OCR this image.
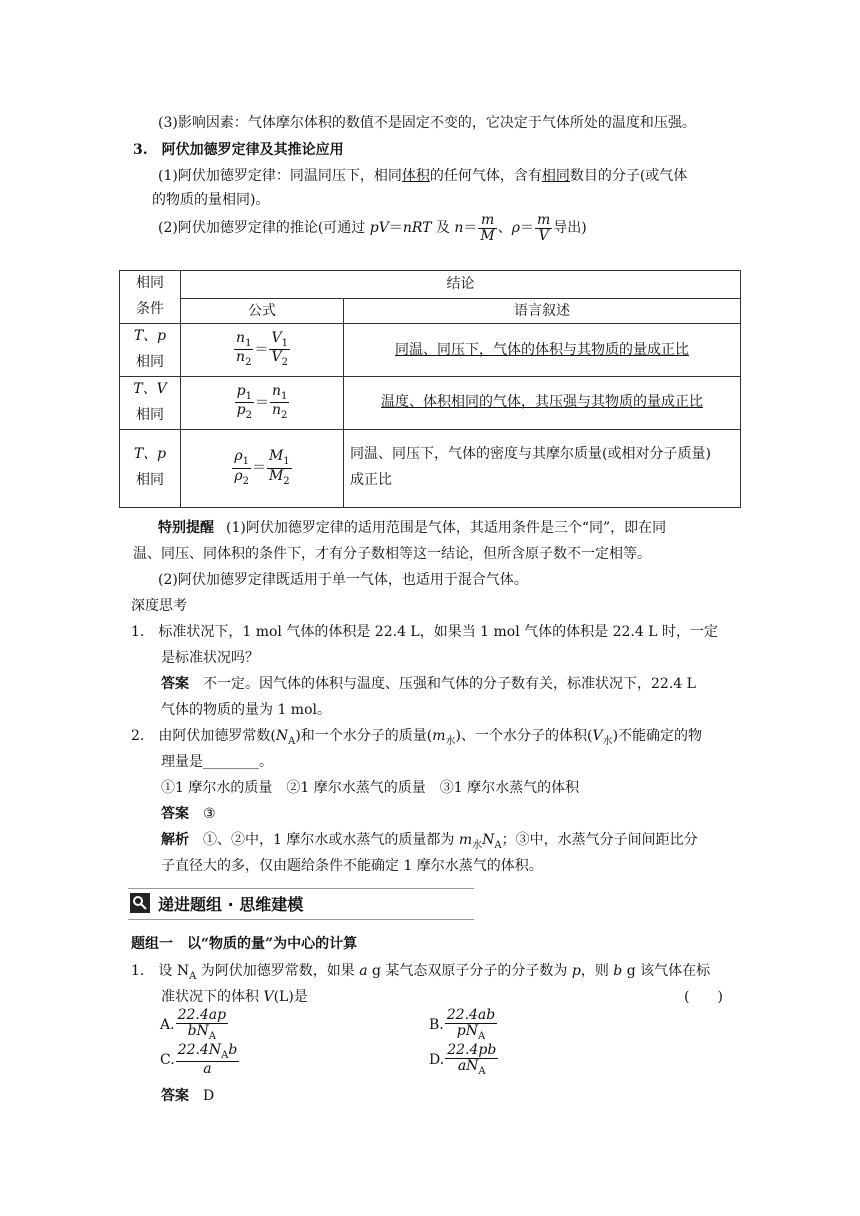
(3)影响因素：气体摩尔体积的数值不是固定不变的，它决定于气体所处的温度和压强。
3. 阿伏加德罗定律及其推论应用
(1)阿伏加德罗定律：同温同压下，相同体积的任何气体，含有相同数目的分子(或气体
的物质的量相同)。
(2)阿伏加德罗定律的推论(可通过 pV＝nRT 及 $n= \frac{m}{M}$ 、$\rho= \frac{m}{V}$ 导出)
相同
条件	结论	
	公式	语言叙述
T、p
相同	$\frac{n_1}{n_2} = \frac{V_1}{V_2}$	同温、同压下，气体的体积与其物质的量成正比
T、V
相同	$\frac{p_1}{p_2} = \frac{n_1}{n_2}$	温度、体积相同的气体，其压强与其物质的量成正比
T、p
相同	$\frac{\rho_1}{\rho_2} = \frac{M_1}{M_2}$	同温、同压下，气体的密度与其摩尔质量(或相对分子质量)
成正比
特别提醒 (1)阿伏加德罗定律的适用范围是气体，其适用条件是三个“同”，即在同
温、同压、同体积的条件下，才有分子数相等这一结论，但所含原子数不一定相等。
(2)阿伏加德罗定律既适用于单一气体，也适用于混合气体。
深度思考
1. 标准状况下，1 mol 气体的体积是 22.4 L，如果当 1 mol 气体的体积是 22.4 L 时，一定
是标准状况吗？
答案 不一定。因气体的体积与温度、压强和气体的分子数有关，标准状况下，22.4 L
气体的物质的量为 1 mol。
2. 由阿伏加德罗常数$(N_A)$和一个水分子的质量$(m_水)$、一个水分子的体积$(V_水)$不能确定的物
理量是________。
①1 摩尔水的质量　②1 摩尔水蒸气的质量　③1 摩尔水蒸气的体积
答案 ③
解析 ①、②中，1 摩尔水或水蒸气的质量都为 $m_水N_A$；③中，水蒸气分子间间距比分
子直径大的多，仅由题给条件不能确定 1 摩尔水蒸气的体积。
递进题组 · 思维建模
题组一　以“物质的量”为中心的计算
1. 设 $N_A$ 为阿伏加德罗常数，如果 a g 某气态双原子分子的分子数为 p，则 b g 该气体在标
准状况下的体积 V(L)是	(　　)
A. $\frac{22.4ap}{bN_A}$	B. $\frac{22.4ab}{pN_A}$
C. $\frac{22.4N_Ab}{a}$	D. $\frac{22.4pb}{aN_A}$
答案 D
